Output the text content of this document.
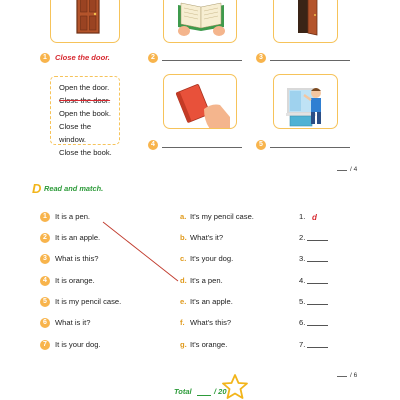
1	Close the door.	2	3
Open the door.
Close the door.
Open the book.
Close the window.
Close the book.
4	5
/ 4
D Read and match.
1	It is a pen.	a. It's my pencil case.	1. d
2	It is an apple.	b. What's it?	2.
3	What is this?	c. It's your dog.	3.
4	It is orange.	d. It's a pen.	4.
5	It is my pencil case.	e. It's an apple.	5.
6	What is it?	f. What's this?	6.
7	It is your dog.	g. It's orange.	7.
/ 6
Total	/ 20
